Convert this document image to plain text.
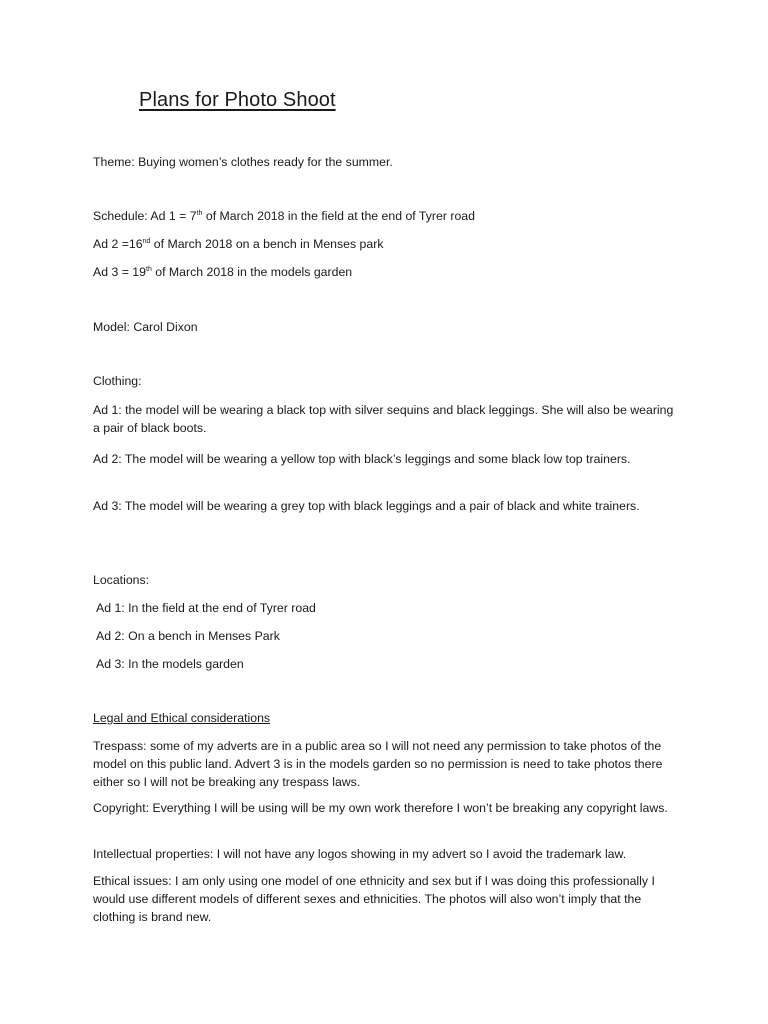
Plans for Photo Shoot
Theme: Buying women’s clothes ready for the summer.
Schedule: Ad 1 = 7th of March 2018 in the field at the end of Tyrer road
Ad 2 =16nd of March 2018 on a bench in Menses park
Ad 3 = 19th of March 2018 in the models garden
Model: Carol Dixon
Clothing:
Ad 1: the model will be wearing a black top with silver sequins and black leggings. She will also be wearing a pair of black boots.
Ad 2: The model will be wearing a yellow top with black’s leggings and some black low top trainers.
Ad 3: The model will be wearing a grey top with black leggings and a pair of black and white trainers.
Locations:
Ad 1: In the field at the end of Tyrer road
Ad 2: On a bench in Menses Park
Ad 3: In the models garden
Legal and Ethical considerations
Trespass: some of my adverts are in a public area so I will not need any permission to take photos of the model on this public land. Advert 3 is in the models garden so no permission is need to take photos there either so I will not be breaking any trespass laws.
Copyright: Everything I will be using will be my own work therefore I won’t be breaking any copyright laws.
Intellectual properties: I will not have any logos showing in my advert so I avoid the trademark law.
Ethical issues: I am only using one model of one ethnicity and sex but if I was doing this professionally I would use different models of different sexes and ethnicities. The photos will also won’t imply that the clothing is brand new.
